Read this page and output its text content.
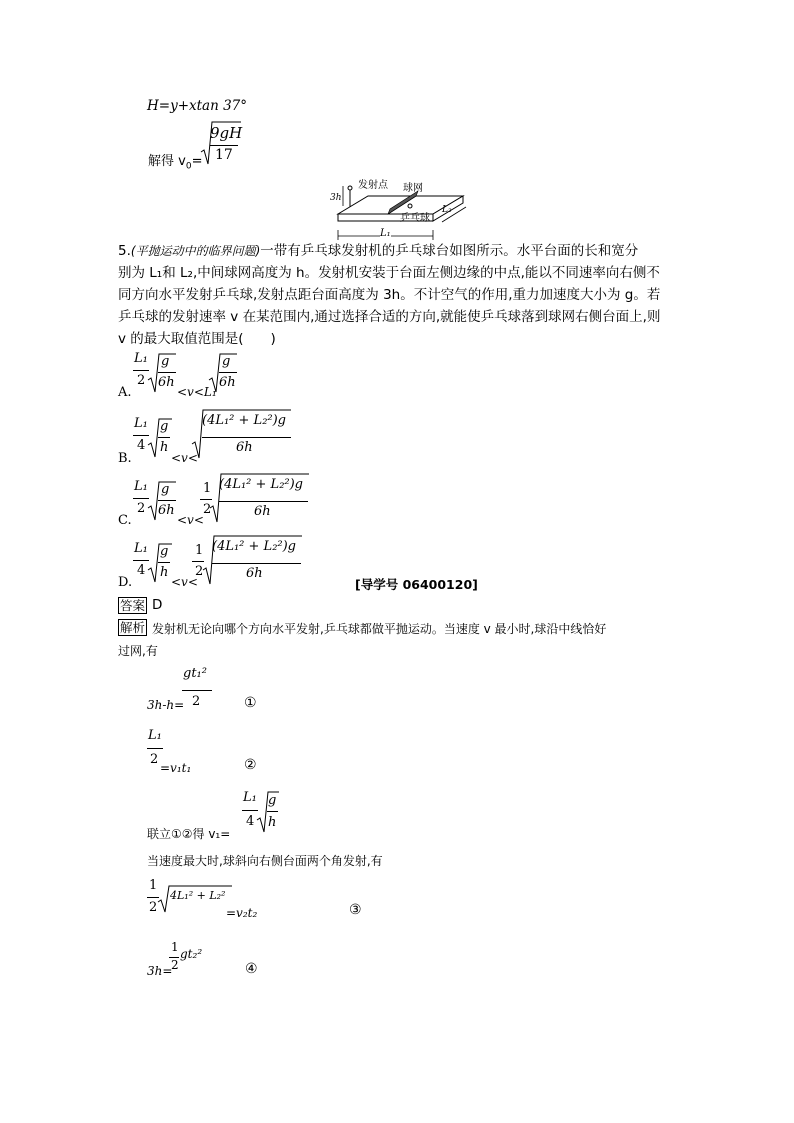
H=y+xtan 37°
解得 $v_0=$
9gH
17
发射点 球网
乒乓球
3h
L₁
L₂
5.(平抛运动中的临界问题)一带有乒乓球发射机的乒乓球台如图所示。水平台面的长和宽分
别为 L₁和 L₂,中间球网高度为 h。发射机安装于台面左侧边缘的中点,能以不同速率向右侧不
同方向水平发射乒乓球,发射点距台面高度为 3h。不计空气的作用,重力加速度大小为 g。若
乒乓球的发射速率 v 在某范围内,通过选择合适的方向,就能使乒乓球落到球网右侧台面上,则
v 的最大取值范围是(　　)
A.
L₁
2
g
6h
<v<L₁
g
6h
B.
L₁
4
g
h
<v<
(4L₁² + L₂²)g
6h
C.
L₁
2
g
6h
<v<
1
2
(4L₁² + L₂²)g
6h
D.
L₁
4
g
h
<v<
1
2
(4L₁² + L₂²)g
6h
[导学号 06400120]
答案 D
解析 发射机无论向哪个方向水平发射,乒乓球都做平抛运动。当速度 v 最小时,球沿中线恰好
过网,有
3h-h=
gt₁²
2	①
L₁
2
=v₁t₁	②
联立①②得 v₁=
L₁
4
g
h
当速度最大时,球斜向右侧台面两个角发射,有
1
2
4L₁² + L₂²
=v₂t₂	③
3h=
1
2
gt₂²
④
